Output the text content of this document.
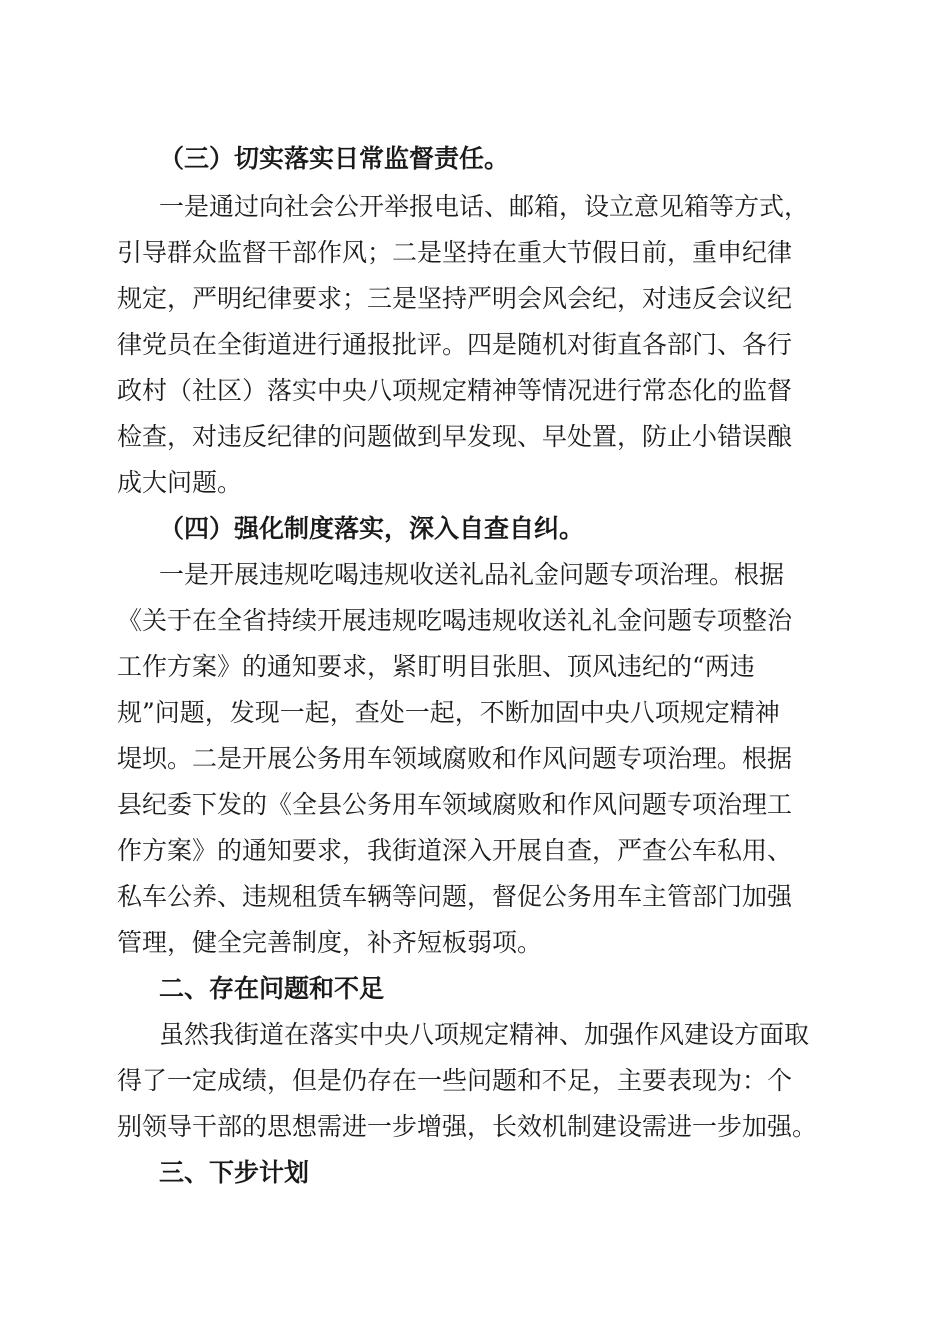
（三）切实落实日常监督责任。
一是通过向社会公开举报电话、邮箱，设立意见箱等方式，
引导群众监督干部作风；二是坚持在重大节假日前，重申纪律
规定，严明纪律要求；三是坚持严明会风会纪，对违反会议纪
律党员在全街道进行通报批评。四是随机对街直各部门、各行
政村（社区）落实中央八项规定精神等情况进行常态化的监督
检查，对违反纪律的问题做到早发现、早处置，防止小错误酿
成大问题。
（四）强化制度落实，深入自查自纠。
一是开展违规吃喝违规收送礼品礼金问题专项治理。根据
《关于在全省持续开展违规吃喝违规收送礼礼金问题专项整治
工作方案》的通知要求，紧盯明目张胆、顶风违纪的“两违
规”问题，发现一起，查处一起，不断加固中央八项规定精神
堤坝。二是开展公务用车领域腐败和作风问题专项治理。根据
县纪委下发的《全县公务用车领域腐败和作风问题专项治理工
作方案》的通知要求，我街道深入开展自查，严查公车私用、
私车公养、违规租赁车辆等问题，督促公务用车主管部门加强
管理，健全完善制度，补齐短板弱项。
二、存在问题和不足
虽然我街道在落实中央八项规定精神、加强作风建设方面取
得了一定成绩，但是仍存在一些问题和不足，主要表现为：个
别领导干部的思想需进一步增强，长效机制建设需进一步加强。
三、下步计划
